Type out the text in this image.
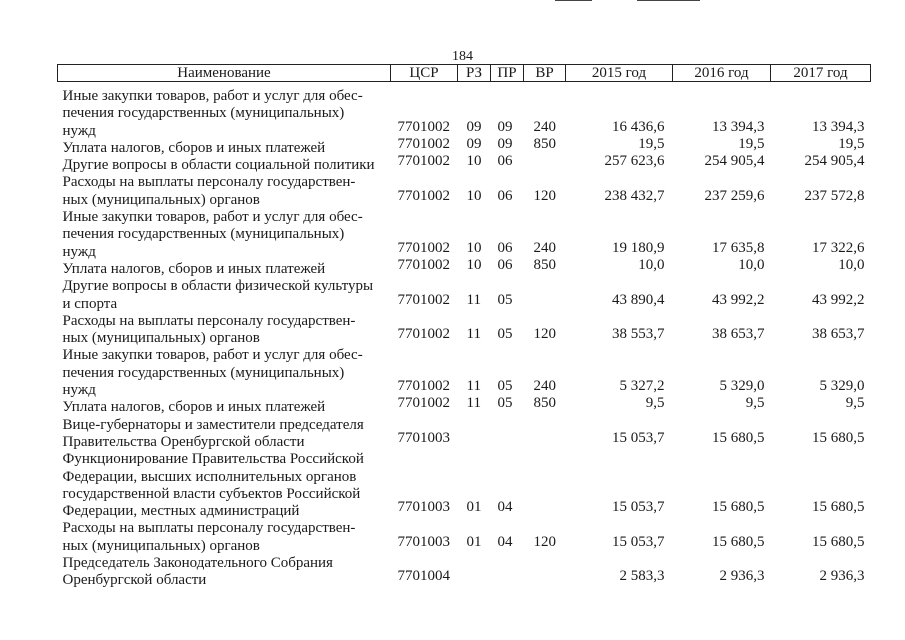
184
Наименование	ЦСР	РЗ	ПР	ВР	2015 год	2016 год	2017 год

Иные закупки товаров, работ и услуг для обес-
печения государственных (муниципальных)
нужд	7701002	09	09	240	16 436,6	13 394,3	13 394,3

Уплата налогов, сборов и иных платежей	7701002	09	09	850	19,5	19,5	19,5

Другие вопросы в области социальной политики	7701002	10	06		257 623,6	254 905,4	254 905,4

Расходы на выплаты персоналу государствен-
ных (муниципальных) органов	7701002	10	06	120	238 432,7	237 259,6	237 572,8

Иные закупки товаров, работ и услуг для обес-
печения государственных (муниципальных)
нужд	7701002	10	06	240	19 180,9	17 635,8	17 322,6

Уплата налогов, сборов и иных платежей	7701002	10	06	850	10,0	10,0	10,0

Другие вопросы в области физической культуры
и спорта	7701002	11	05		43 890,4	43 992,2	43 992,2

Расходы на выплаты персоналу государствен-
ных (муниципальных) органов	7701002	11	05	120	38 553,7	38 653,7	38 653,7

Иные закупки товаров, работ и услуг для обес-
печения государственных (муниципальных)
нужд	7701002	11	05	240	5 327,2	5 329,0	5 329,0

Уплата налогов, сборов и иных платежей	7701002	11	05	850	9,5	9,5	9,5

Вице-губернаторы и заместители председателя
Правительства Оренбургской области	7701003				15 053,7	15 680,5	15 680,5

Функционирование Правительства Российской
Федерации, высших исполнительных органов
государственной власти субъектов Российской
Федерации, местных администраций	7701003	01	04		15 053,7	15 680,5	15 680,5

Расходы на выплаты персоналу государствен-
ных (муниципальных) органов	7701003	01	04	120	15 053,7	15 680,5	15 680,5

Председатель Законодательного Собрания
Оренбургской области	7701004				2 583,3	2 936,3	2 936,3
